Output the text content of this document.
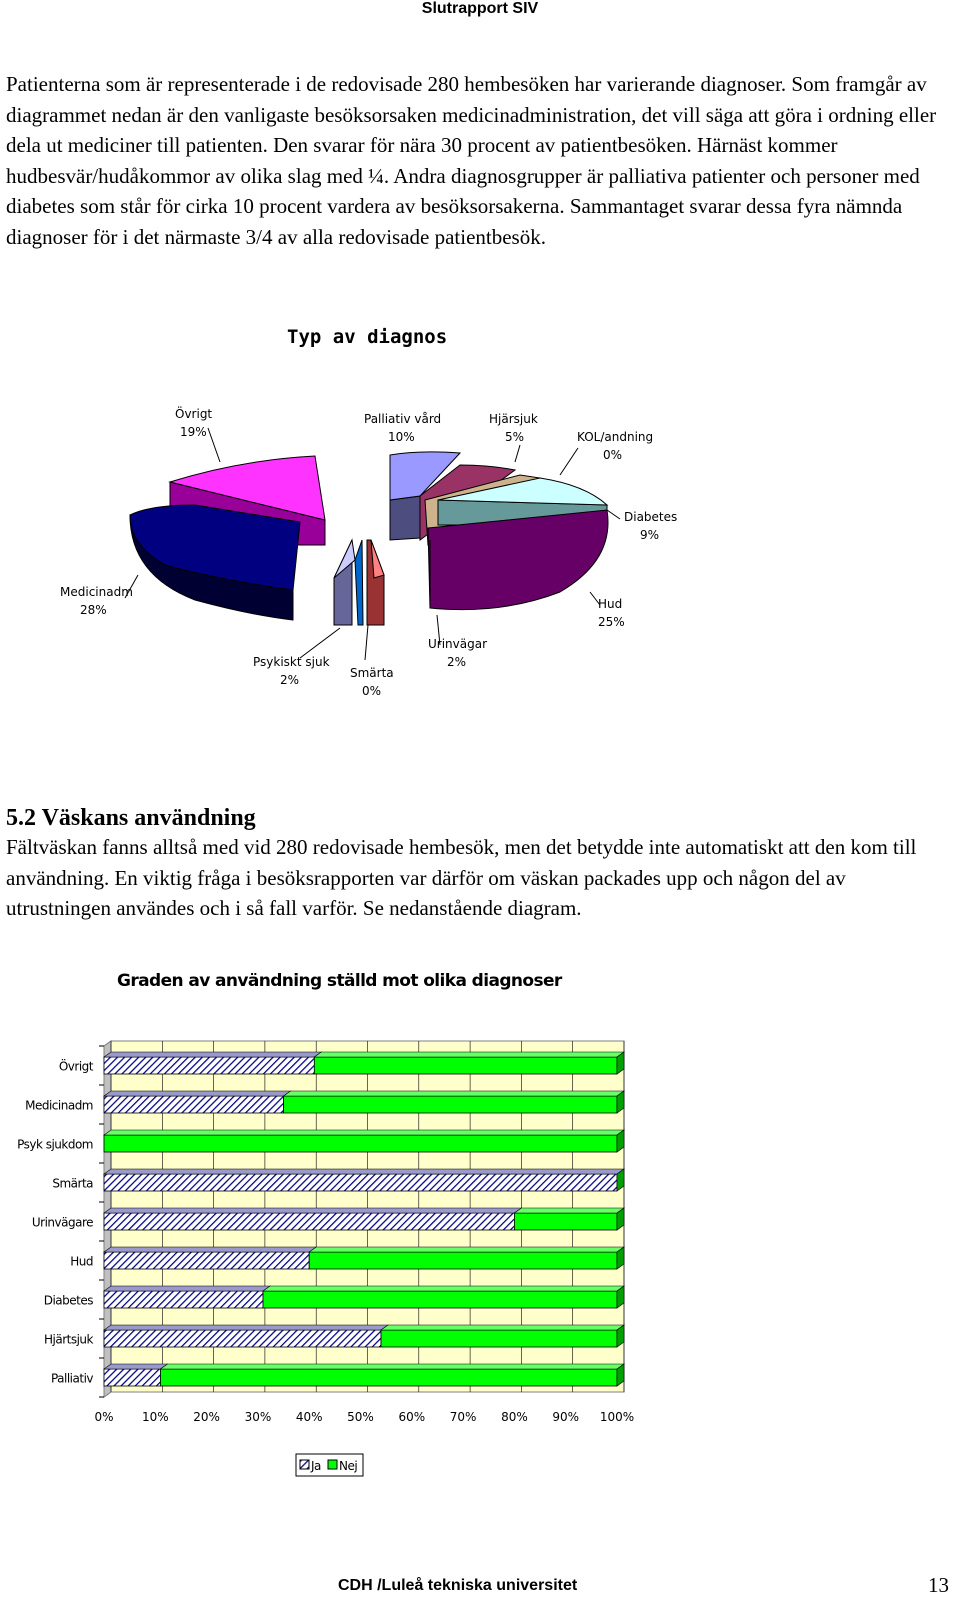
Slutrapport SIV

Patienterna som är representerade i de redovisade 280 hembesöken har varierande diagnoser. Som framgår av diagrammet nedan är den vanligaste besöksorsaken medicinadministration, det vill säga att göra i ordning eller dela ut mediciner till patienten. Den svarar för nära 30 procent av patientbesöken. Härnäst kommer hudbesvär/hudåkommor av olika slag med ¼. Andra diagnosgrupper är palliativa patienter och personer med diabetes som står för cirka 10 procent vardera av besöksorsakerna. Sammantaget svarar dessa fyra nämnda diagnoser för i det närmaste 3/4 av alla redovisade patientbesök.

Typ av diagnos
Övrigt
19%
Palliativ vård
10%
Hjärsjuk
5%	KOL/andning
0%
Diabetes
9%
Medicinadm
28%	Hud
25%
Urinvägar
2%
Psykiskt sjuk
2%	Smärta
0%
5.2 Väskans användning

Fältväskan fanns alltså med vid 280 redovisade hembesök, men det betydde inte automatiskt att den kom till användning. En viktig fråga i besöksrapporten var därför om väskan packades upp och någon del av utrustningen användes och i så fall varför. Se nedanstående diagram.

Graden av användning ställd mot olika diagnoser
0% 10% 20% 30% 40% 50% 60% 70% 80% 90% 100%
Övrigt
Medicinadm
Psyk sjukdom
Smärta
Urinvägare
Hud
Diabetes
Hjärtsjuk
Palliativ
Ja Nej
CDH /Luleå tekniska universitet	13
